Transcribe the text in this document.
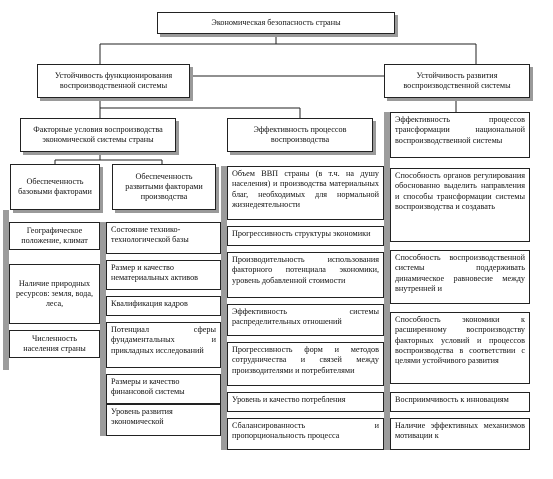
Экономическая безопасность страны
Устойчивость функционирования воспроизводственной системы
Устойчивость развития воспроизводственной системы
Факторные условия воспроизводства экономической системы страны
Эффективность процессов воспроизводства
Обеспеченность базовыми факторами
Обеспеченность развитыми факторами производства
Географическое положение, климат
Наличие природных ресурсов: земля, вода, леса,
Численность населения страны
Состояние технико-технологической базы
Размер и качество нематериальных активов
Квалификация кадров
Потенциал сферы фундаментальных и прикладных исследований
Размеры и качество финансовой системы
Уровень развития экономической
Объем ВВП страны (в т.ч. на душу населения) и производства материальных благ, необходимых для нормальной жизнедеятельности
Прогрессивность структуры экономики
Производительность использования факторного потенциала экономики, уровень добавленной стоимости
Эффективность системы распределительных отношений
Прогрессивность форм и методов сотрудничества и связей между производителями и потребителями
Уровень и качество потребления
Сбалансированность и пропорциональность процесса
Эффективность процессов трансформации национальной воспроизводственной системы
Способность органов регулирования обоснованно выделить направления и способы трансформации системы воспроизводства и создавать
Способность воспроизводственной системы поддерживать динамическое равновесие между внутренней и
Способность экономики к расширенному воспроизводству факторных условий и процессов воспроизводства в соответствии с целями устойчивого развития
Восприимчивость к инновациям
Наличие эффективных механизмов мотивации к
